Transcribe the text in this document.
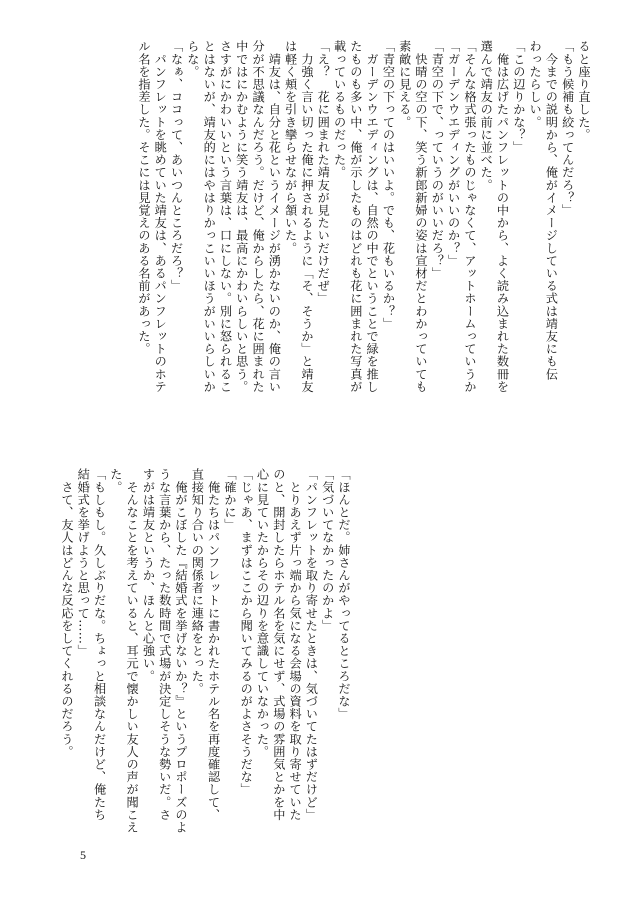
ると座り直した。
「もう候補も絞ってんだろ？」
　今までの説明から、俺がイメージしている式は靖友にも伝
わったらしい。
「この辺りかな？」
　俺は広げたパンフレットの中から、よく読み込まれた数冊を
選んで靖友の前に並べた。
「そんな格式張ったものじゃなくて、アットホームっていうか
「ガーデンウエディングがいいのか？」
「青空の下で、っていうのがいいだろ？」
　快晴の空の下、笑う新郎新婦の姿は宣材だとわかっていても
素敵に見える。
「青空の下ってのはいいよ。でも、花もいるか？」
　ガーデンウエディングは、自然の中でということで緑を推し
たものも多い中、俺が示したものはどれも花に囲まれた写真が
載っているものだった。
「え？　花に囲まれた靖友が見たいだけだぜ」
　力強く言い切った俺に押されるように「そ、そうか」と靖友
は軽く頬を引き攣らせながら頷いた。
　靖友は、自分と花というイメージが湧かないのか、俺の言い
分が不思議なんだろう。だけど、俺からしたら、花に囲まれた
中ではにかむように笑う靖友は、最高にかわいらしいと思う。
さすがにかわいいという言葉は、口にしない。別に怒られるこ
とはないが、靖友的にはやはりかっこいいほうがいいらしいか
らな。
「なぁ、ココって、あいつんところだろ？」
　パンフレットを眺めていた靖友は、あるパンフレットのホテ
ル名を指差した。そこには見覚えのある名前があった。
「ほんとだ。姉さんがやってるところだな」
「気づいてなかったのかよ」
「パンフレットを取り寄せたときは、気づいてたはずだけど」
　とりあえず片っ端から気になる会場の資料を取り寄せていた
のと、開封したらホテル名を気にせず、式場の雰囲気とかを中
心に見ていたからその辺りを意識していなかった。
「じゃあ、まずはここから聞いてみるのがよさそうだな」
「確かに」
　俺たちはパンフレットに書かれたホテル名を再度確認して、
直接知り合いの関係者に連絡をとった。
　俺がこぼした『結婚式を挙げないか？』というプロポーズのよ
うな言葉から、たった数時間で式場が決定しそうな勢いだ。さ
すがは靖友というか、ほんと心強い。
　そんなことを考えていると、耳元で懐かしい友人の声が聞こえ
た。
「もしもし。久しぶりだな。ちょっと相談なんだけど、俺たち
結婚式を挙げようと思って……」
　さて、友人はどんな反応をしてくれるのだろう。
5
